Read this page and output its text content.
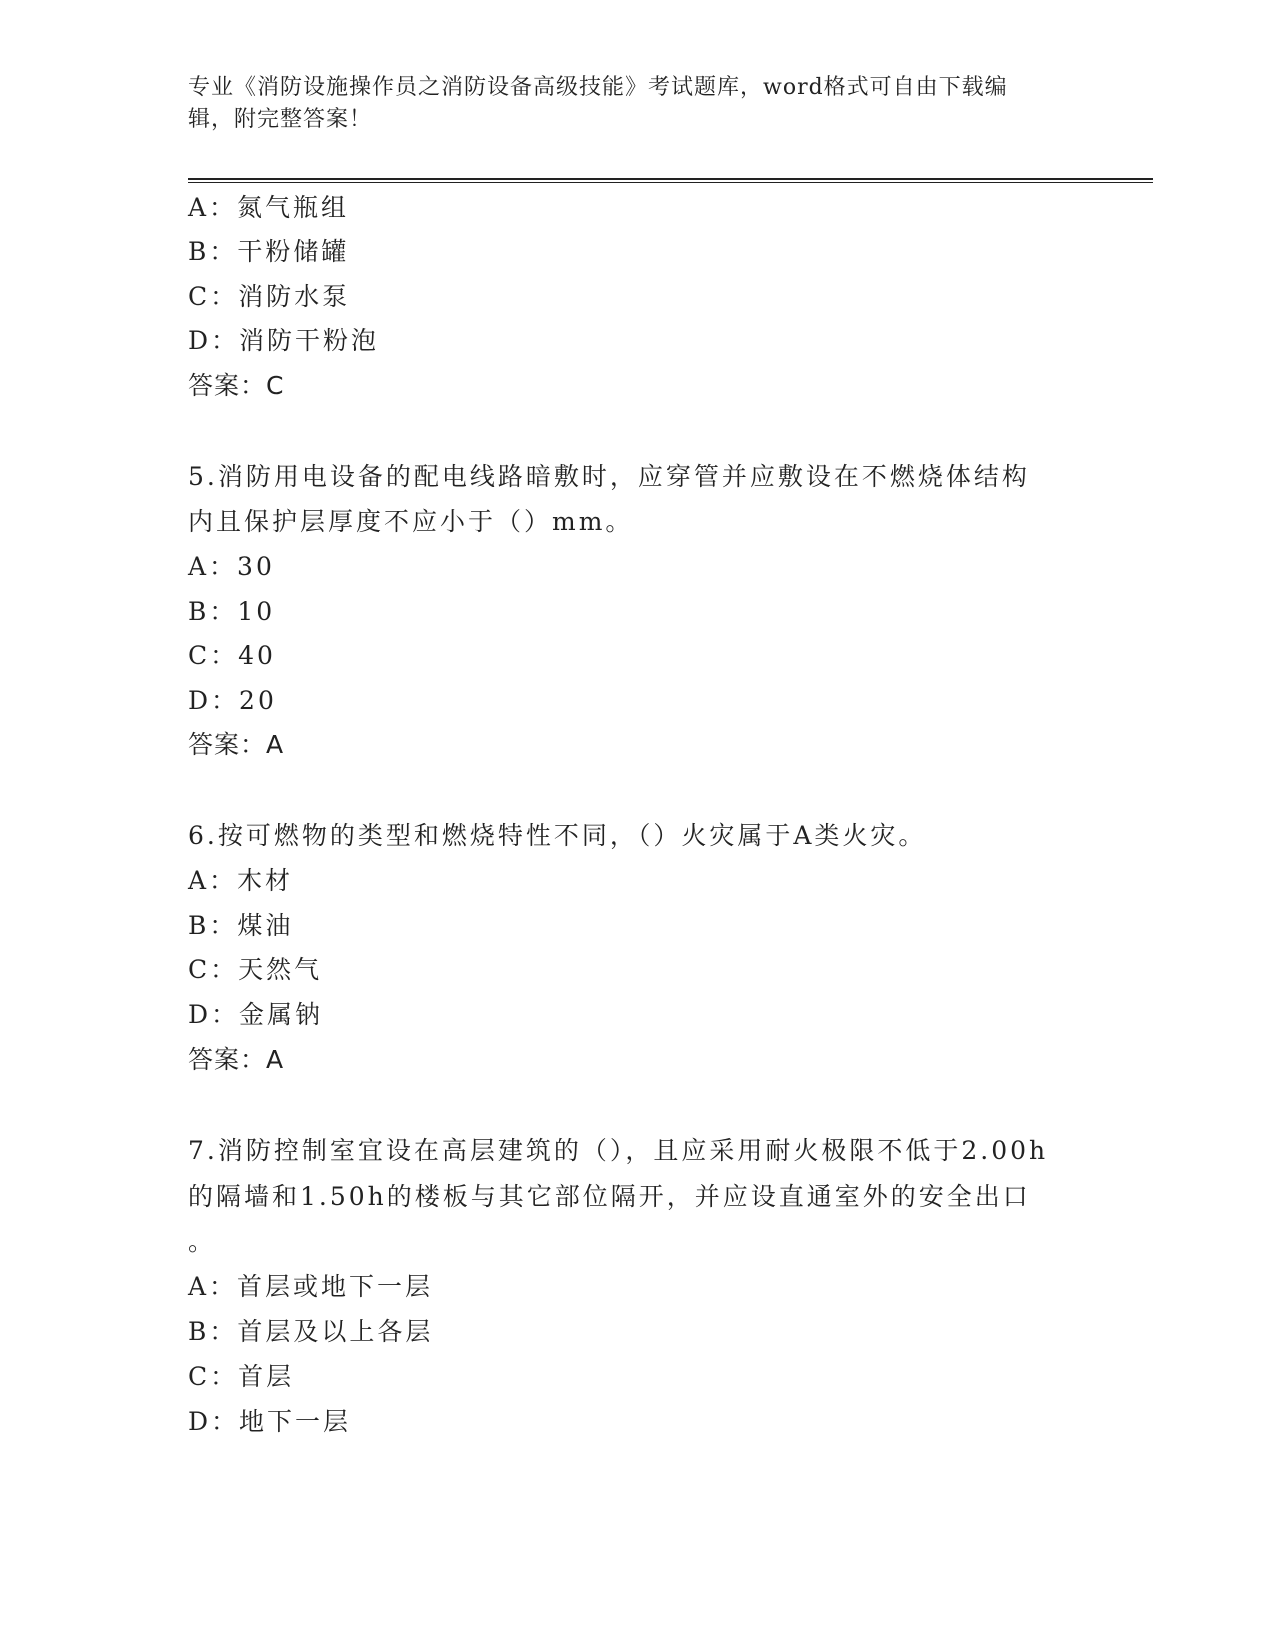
专业《消防设施操作员之消防设备高级技能》考试题库，word格式可自由下载编
辑，附完整答案！
A：氮气瓶组
B：干粉储罐
C：消防水泵
D：消防干粉泡
答案：C
5.消防用电设备的配电线路暗敷时，应穿管并应敷设在不燃烧体结构
内且保护层厚度不应小于（）mm。
A：30
B：10
C：40
D：20
答案：A
6.按可燃物的类型和燃烧特性不同，（）火灾属于A类火灾。
A：木材
B：煤油
C：天然气
D：金属钠
答案：A
7.消防控制室宜设在高层建筑的（），且应采用耐火极限不低于2.00h
的隔墙和1.50h的楼板与其它部位隔开，并应设直通室外的安全出口
。
A：首层或地下一层
B：首层及以上各层
C：首层
D：地下一层
